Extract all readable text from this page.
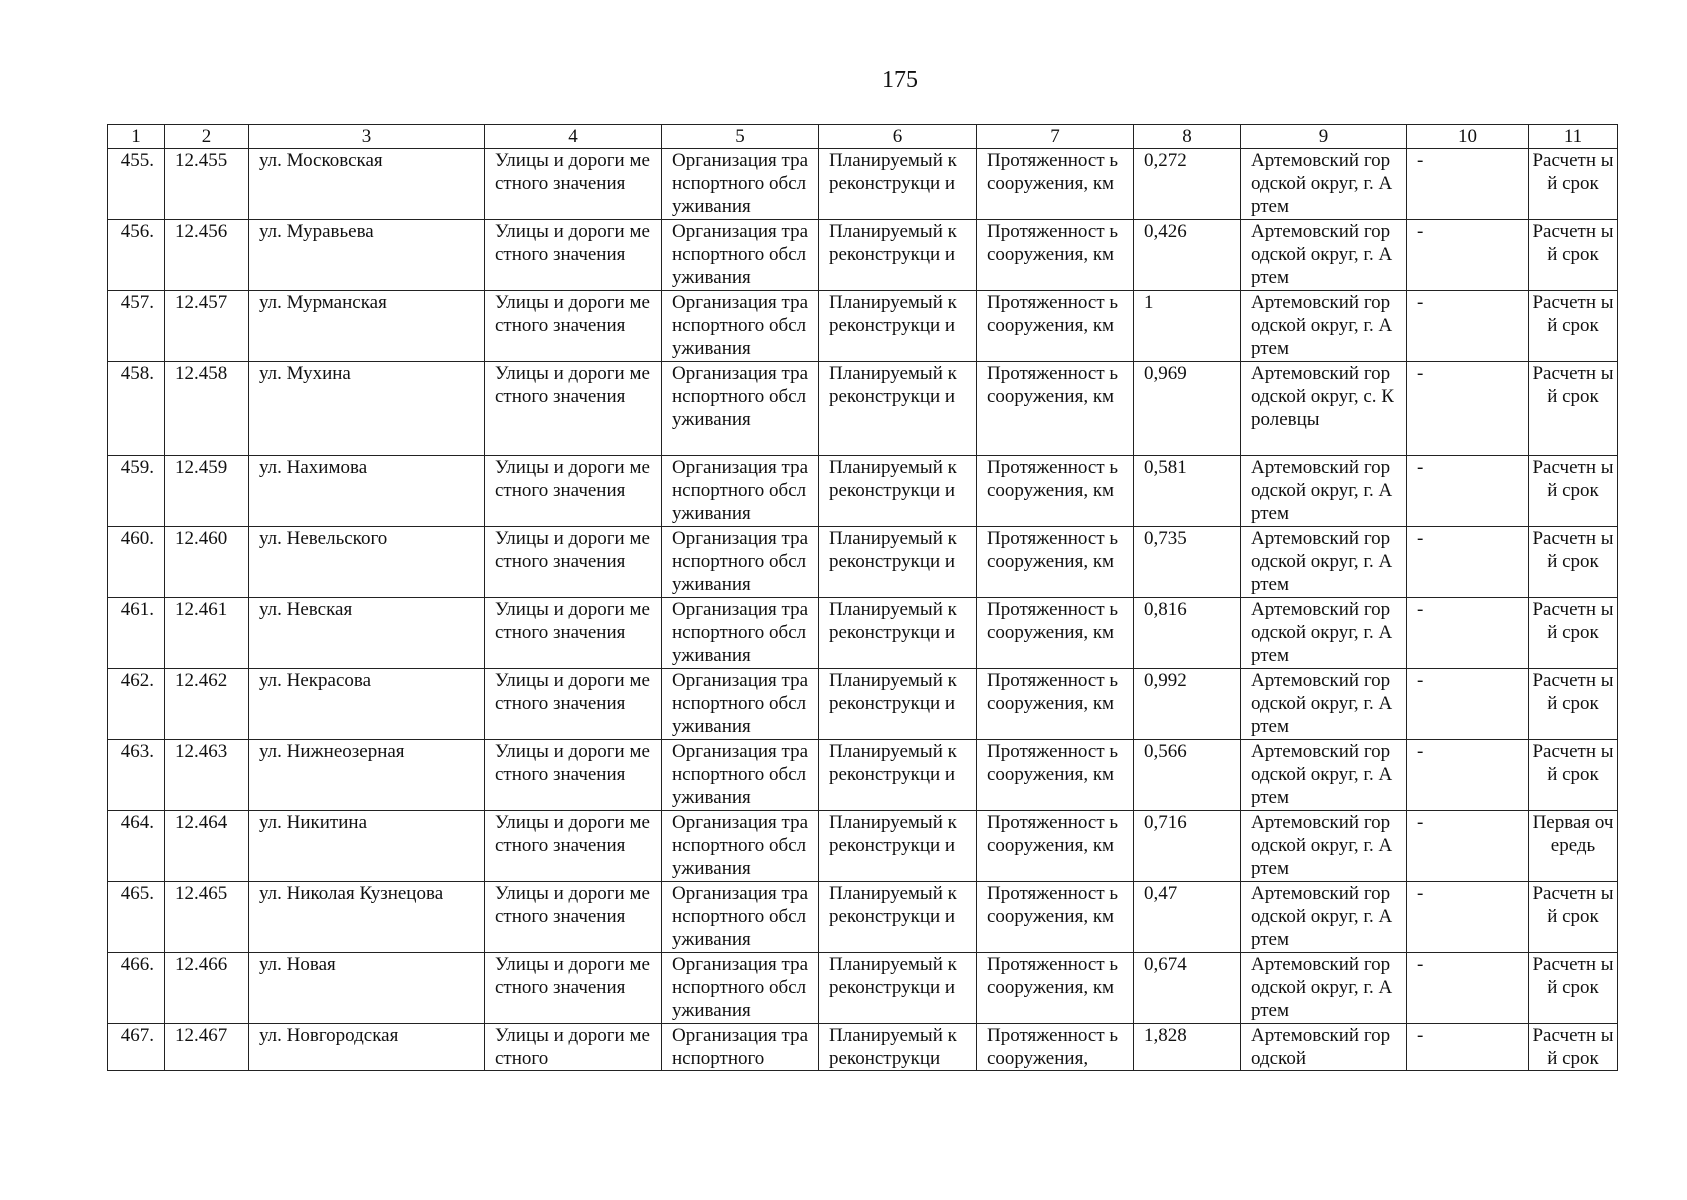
175
1	2	3	4	5	6	7	8	9	10	11
455.	12.455	ул. Московская	Улицы и дороги местного значения	Организация транспортного обслуживания	Планируемый к реконструкци и	Протяженност ь сооружения, км	0,272	Артемовский городской округ, г. Артем	-	Расчетн ый срок
456.	12.456	ул. Муравьева	Улицы и дороги местного значения	Организация транспортного обслуживания	Планируемый к реконструкци и	Протяженност ь сооружения, км	0,426	Артемовский городской округ, г. Артем	-	Расчетн ый срок
457.	12.457	ул. Мурманская	Улицы и дороги местного значения	Организация транспортного обслуживания	Планируемый к реконструкци и	Протяженност ь сооружения, км	1	Артемовский городской округ, г. Артем	-	Расчетн ый срок
458.	12.458	ул. Мухина	Улицы и дороги местного значения	Организация транспортного обслуживания	Планируемый к реконструкци и	Протяженност ь сооружения, км	0,969	Артемовский городской округ, с. Кролевцы	-	Расчетн ый срок
459.	12.459	ул. Нахимова	Улицы и дороги местного значения	Организация транспортного обслуживания	Планируемый к реконструкци и	Протяженност ь сооружения, км	0,581	Артемовский городской округ, г. Артем	-	Расчетн ый срок
460.	12.460	ул. Невельского	Улицы и дороги местного значения	Организация транспортного обслуживания	Планируемый к реконструкци и	Протяженност ь сооружения, км	0,735	Артемовский городской округ, г. Артем	-	Расчетн ый срок
461.	12.461	ул. Невская	Улицы и дороги местного значения	Организация транспортного обслуживания	Планируемый к реконструкци и	Протяженност ь сооружения, км	0,816	Артемовский городской округ, г. Артем	-	Расчетн ый срок
462.	12.462	ул. Некрасова	Улицы и дороги местного значения	Организация транспортного обслуживания	Планируемый к реконструкци и	Протяженност ь сооружения, км	0,992	Артемовский городской округ, г. Артем	-	Расчетн ый срок
463.	12.463	ул. Нижнеозерная	Улицы и дороги местного значения	Организация транспортного обслуживания	Планируемый к реконструкци и	Протяженност ь сооружения, км	0,566	Артемовский городской округ, г. Артем	-	Расчетн ый срок
464.	12.464	ул. Никитина	Улицы и дороги местного значения	Организация транспортного обслуживания	Планируемый к реконструкци и	Протяженност ь сооружения, км	0,716	Артемовский городской округ, г. Артем	-	Первая очередь
465.	12.465	ул. Николая Кузнецова	Улицы и дороги местного значения	Организация транспортного обслуживания	Планируемый к реконструкци и	Протяженност ь сооружения, км	0,47	Артемовский городской округ, г. Артем	-	Расчетн ый срок
466.	12.466	ул. Новая	Улицы и дороги местного значения	Организация транспортного обслуживания	Планируемый к реконструкци и	Протяженност ь сооружения, км	0,674	Артемовский городской округ, г. Артем	-	Расчетн ый срок
467.	12.467	ул. Новгородская	Улицы и дороги местного	Организация транспортного	Планируемый к реконструкци	Протяженност ь сооружения,	1,828	Артемовский городской	-	Расчетн ый срок
